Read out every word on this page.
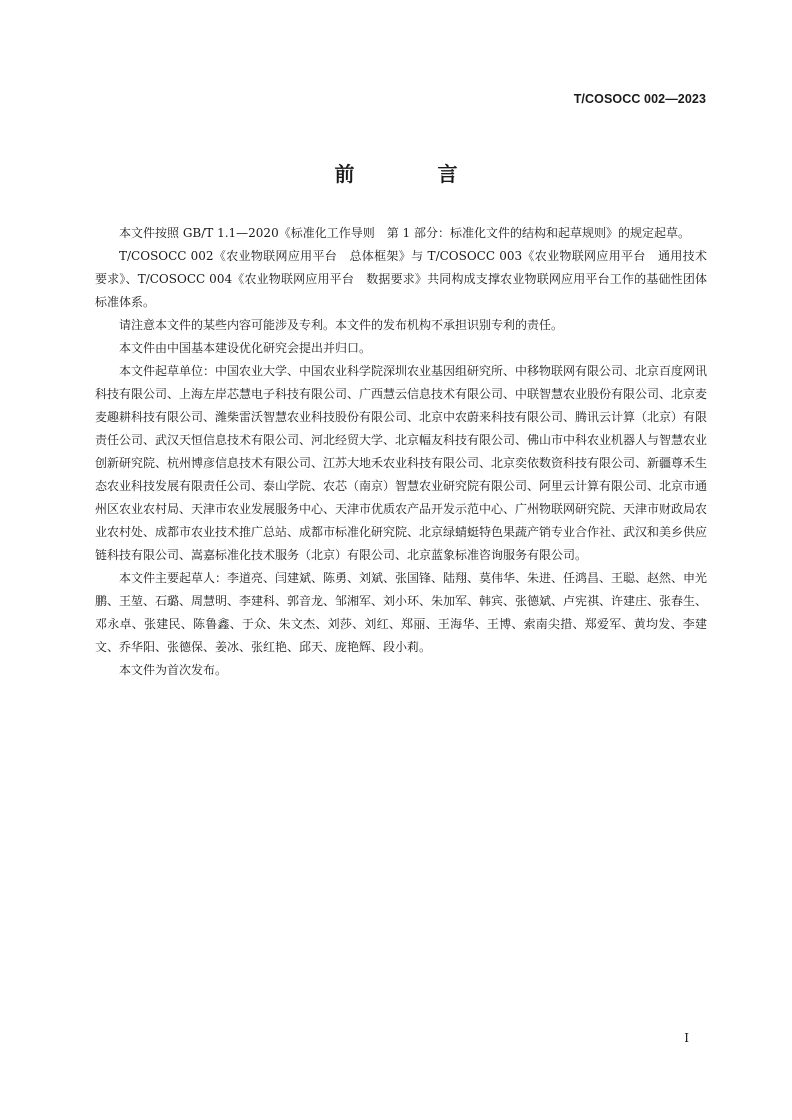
T/COSOCC 002—2023
前 言

本文件按照 GB/T 1.1—2020《标准化工作导则　第 1 部分：标准化文件的结构和起草规则》的规定起草。

T/COSOCC 002《农业物联网应用平台　总体框架》与 T/COSOCC 003《农业物联网应用平台　通用技术要求》、T/COSOCC 004《农业物联网应用平台　数据要求》共同构成支撑农业物联网应用平台工作的基础性团体标准体系。

请注意本文件的某些内容可能涉及专利。本文件的发布机构不承担识别专利的责任。

本文件由中国基本建设优化研究会提出并归口。

本文件起草单位：中国农业大学、中国农业科学院深圳农业基因组研究所、中移物联网有限公司、北京百度网讯科技有限公司、上海左岸芯慧电子科技有限公司、广西慧云信息技术有限公司、中联智慧农业股份有限公司、北京麦麦趣耕科技有限公司、潍柴雷沃智慧农业科技股份有限公司、北京中农蔚来科技有限公司、腾讯云计算（北京）有限责任公司、武汉天恒信息技术有限公司、河北经贸大学、北京幅友科技有限公司、佛山市中科农业机器人与智慧农业创新研究院、杭州博彦信息技术有限公司、江苏大地禾农业科技有限公司、北京奕依数资科技有限公司、新疆尊禾生态农业科技发展有限责任公司、泰山学院、农芯（南京）智慧农业研究院有限公司、阿里云计算有限公司、北京市通州区农业农村局、天津市农业发展服务中心、天津市优质农产品开发示范中心、广州物联网研究院、天津市财政局农业农村处、成都市农业技术推广总站、成都市标准化研究院、北京绿蜻蜓特色果蔬产销专业合作社、武汉和美乡供应链科技有限公司、嵩嘉标准化技术服务（北京）有限公司、北京蓝象标准咨询服务有限公司。

本文件主要起草人：李道亮、闫建斌、陈勇、刘斌、张国锋、陆翔、莫伟华、朱进、任鸿昌、王聪、赵然、申光鹏、王堃、石璐、周慧明、李建科、郭音龙、邹湘军、刘小环、朱加军、韩宾、张德斌、卢宪祺、许建庄、张春生、邓永卓、张建民、陈鲁鑫、于众、朱文杰、刘莎、刘红、郑丽、王海华、王博、索南尖措、郑爱军、黄均发、李建文、乔华阳、张德保、姜冰、张红艳、邱天、庞艳辉、段小莉。

本文件为首次发布。

I
